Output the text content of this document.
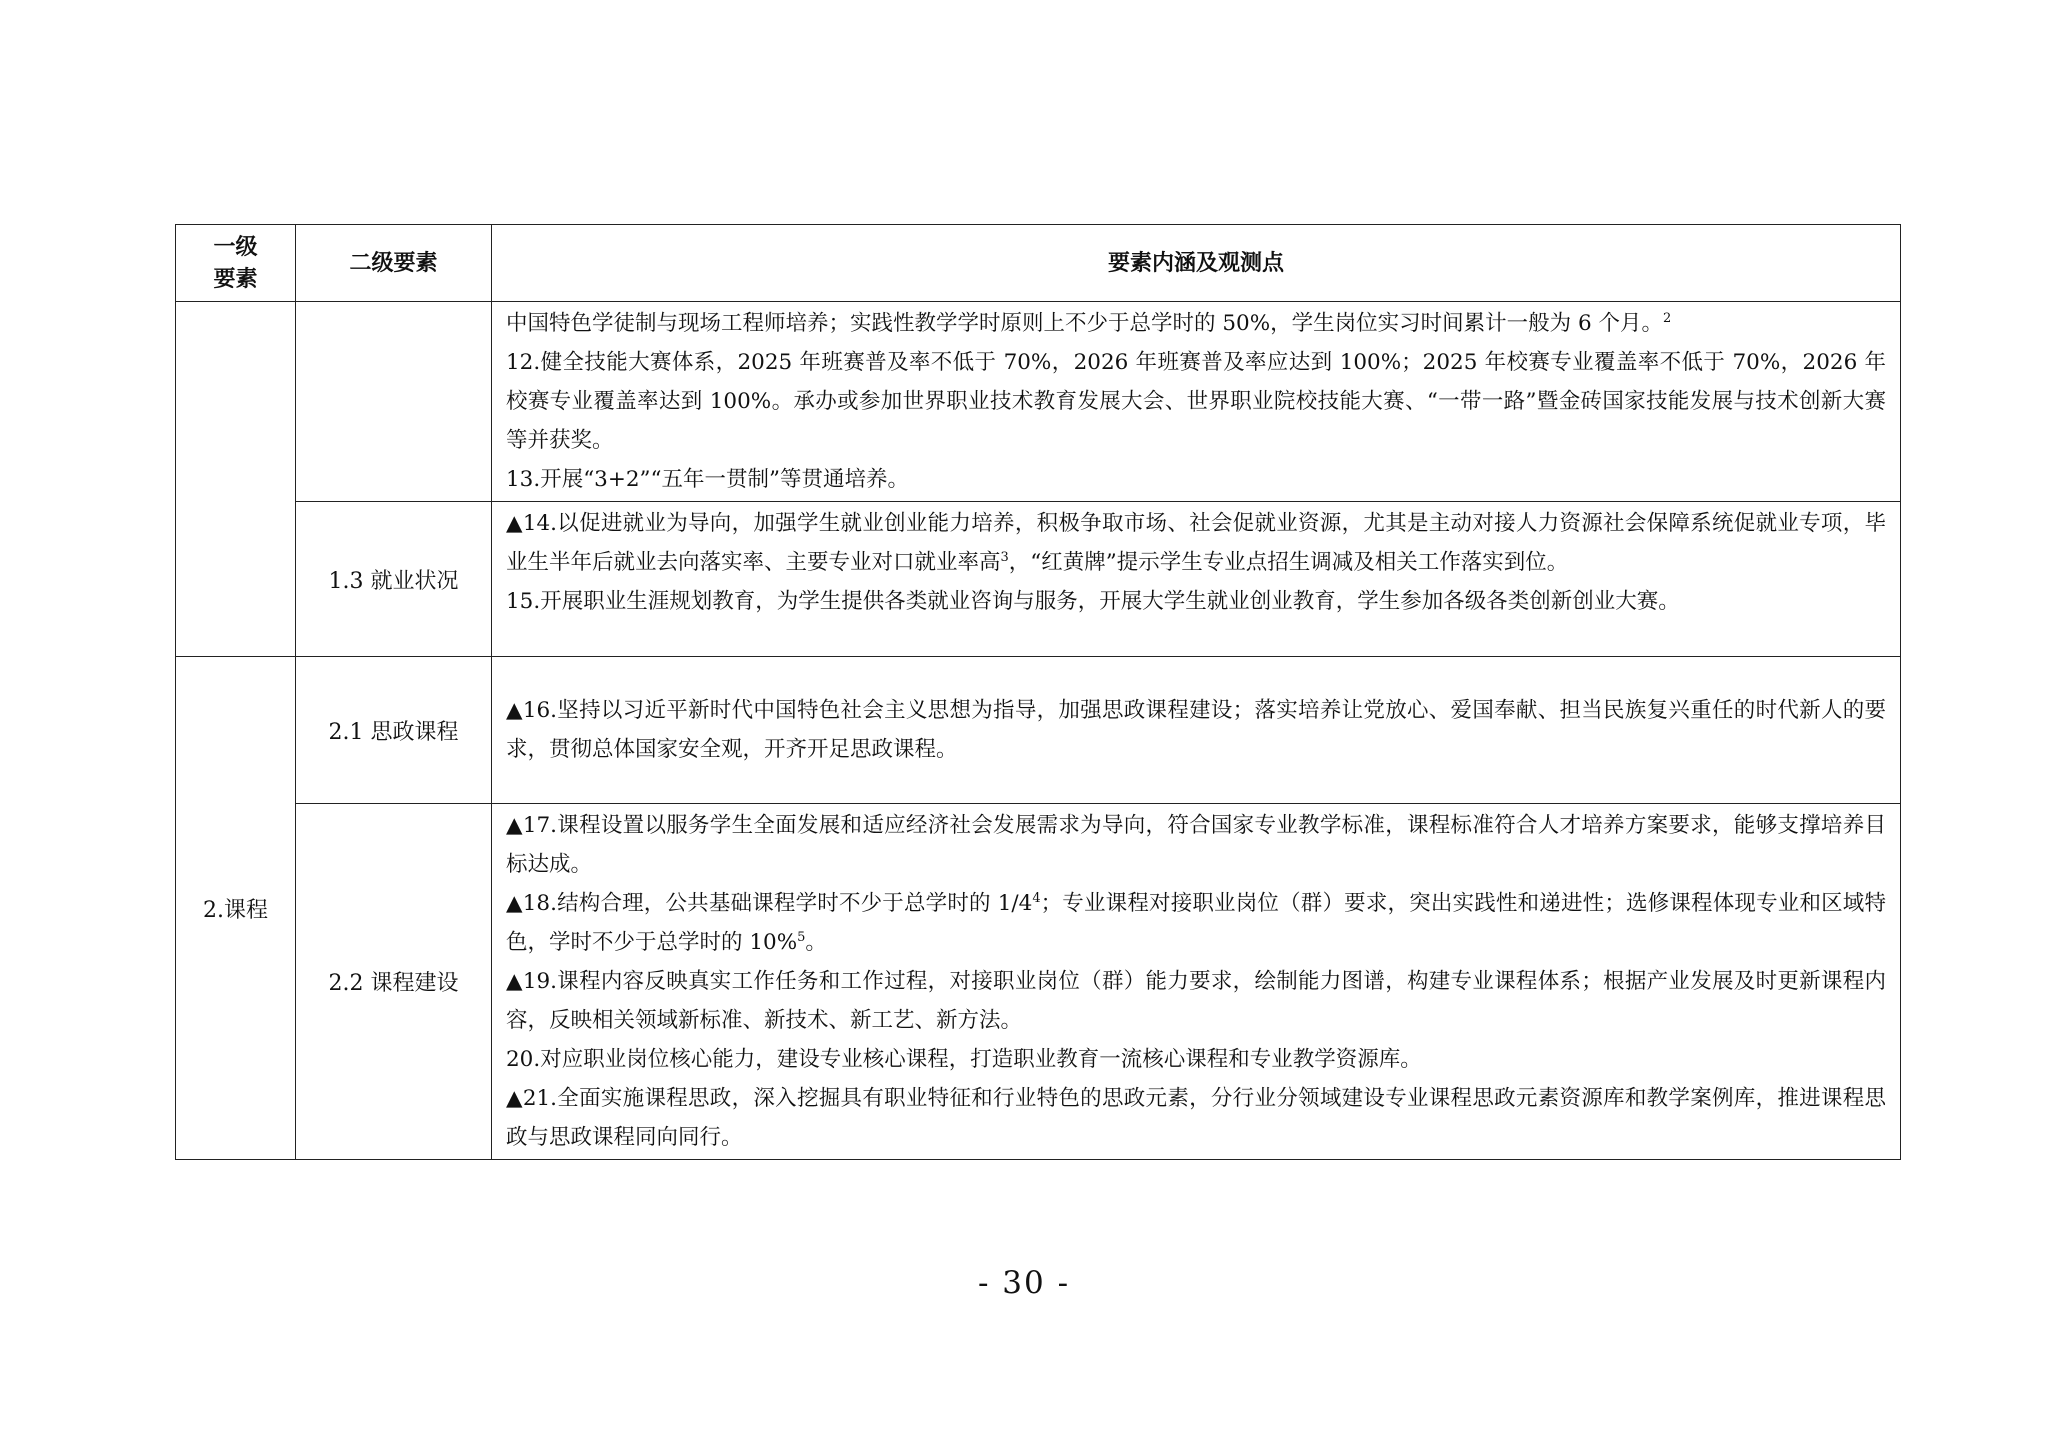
一级
要素	二级要素	要素内涵及观测点

		中国特色学徒制与现场工程师培养；实践性教学学时原则上不少于总学时的 50%，学生岗位实习时间累计一般为 6 个月。$^2$
12.健全技能大赛体系，2025 年班赛普及率不低于 70%，2026 年班赛普及率应达到 100%；2025 年校赛专业覆盖率不低于 70%，2026 年校赛专业覆盖率达到 100%。承办或参加世界职业技术教育发展大会、世界职业院校技能大赛、“一带一路”暨金砖国家技能发展与技术创新大赛等并获奖。
13.开展“3+2”“五年一贯制”等贯通培养。

	1.3 就业状况	▲14.以促进就业为导向，加强学生就业创业能力培养，积极争取市场、社会促就业资源，尤其是主动对接人力资源社会保障系统促就业专项，毕业生半年后就业去向落实率、主要专业对口就业率高$^3$，“红黄牌”提示学生专业点招生调减及相关工作落实到位。
15.开展职业生涯规划教育，为学生提供各类就业咨询与服务，开展大学生就业创业教育，学生参加各级各类创新创业大赛。

2.课程	2.1 思政课程	▲16.坚持以习近平新时代中国特色社会主义思想为指导，加强思政课程建设；落实培养让党放心、爱国奉献、担当民族复兴重任的时代新人的要求，贯彻总体国家安全观，开齐开足思政课程。

	2.2 课程建设	▲17.课程设置以服务学生全面发展和适应经济社会发展需求为导向，符合国家专业教学标准，课程标准符合人才培养方案要求，能够支撑培养目标达成。
▲18.结构合理，公共基础课程学时不少于总学时的 $1/4^4$；专业课程对接职业岗位（群）要求，突出实践性和递进性；选修课程体现专业和区域特色，学时不少于总学时的 10%$^5$。
▲19.课程内容反映真实工作任务和工作过程，对接职业岗位（群）能力要求，绘制能力图谱，构建专业课程体系；根据产业发展及时更新课程内容，反映相关领域新标准、新技术、新工艺、新方法。
20.对应职业岗位核心能力，建设专业核心课程，打造职业教育一流核心课程和专业教学资源库。
▲21.全面实施课程思政，深入挖掘具有职业特征和行业特色的思政元素，分行业分领域建设专业课程思政元素资源库和教学案例库，推进课程思政与思政课程同向同行。
- 30 -
